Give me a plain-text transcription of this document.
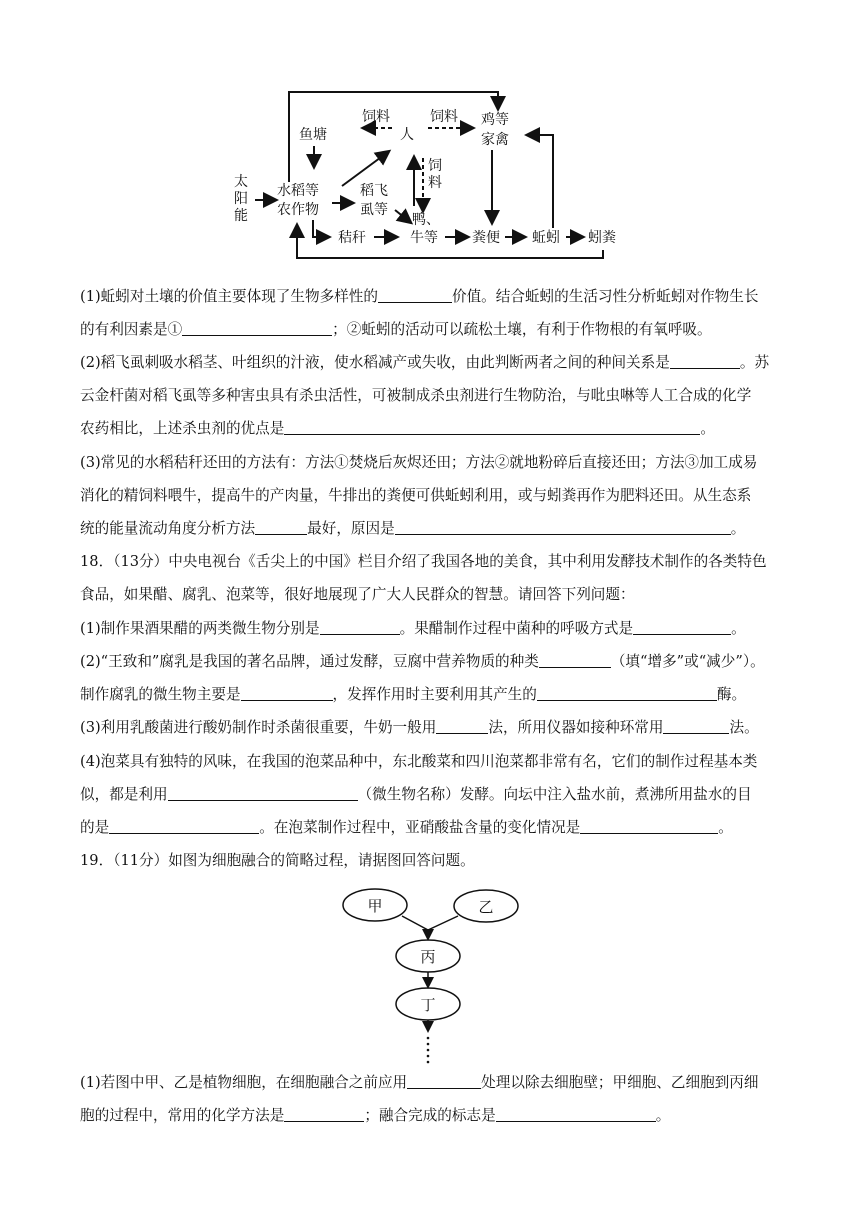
太
阳
能
鱼塘	人
饲料	饲料
饲
料
鸡等
家禽
水稻等
农作物
稻飞
虱等
鸭、
牛等
秸秆	粪便 蚯蚓 蚓粪
(1)蚯蚓对土壤的价值主要体现了生物多样性的	价值。结合蚯蚓的生活习性分析蚯蚓对作物生长
的有利因素是①	；②蚯蚓的活动可以疏松土壤，有利于作物根的有氧呼吸。
(2)稻飞虱刺吸水稻茎、叶组织的汁液，使水稻减产或失收，由此判断两者之间的种间关系是	。苏
云金杆菌对稻飞虱等多种害虫具有杀虫活性，可被制成杀虫剂进行生物防治，与吡虫啉等人工合成的化学
农药相比，上述杀虫剂的优点是	。
(3)常见的水稻秸秆还田的方法有：方法①焚烧后灰烬还田；方法②就地粉碎后直接还田；方法③加工成易
消化的精饲料喂牛，提高牛的产肉量，牛排出的粪便可供蚯蚓利用，或与蚓粪再作为肥料还田。从生态系
统的能量流动角度分析方法	最好，原因是	。
18．（13分）中央电视台《舌尖上的中国》栏目介绍了我国各地的美食，其中利用发酵技术制作的各类特色
食品，如果醋、腐乳、泡菜等，很好地展现了广大人民群众的智慧。请回答下列问题：
(1)制作果酒果醋的两类微生物分别是	。果醋制作过程中菌种的呼吸方式是	。
(2)“王致和”腐乳是我国的著名品牌，通过发酵，豆腐中营养物质的种类	（填“增多”或“减少”）。
制作腐乳的微生物主要是	，发挥作用时主要利用其产生的	酶。
(3)利用乳酸菌进行酸奶制作时杀菌很重要，牛奶一般用	法，所用仪器如接种环常用	法。
(4)泡菜具有独特的风味，在我国的泡菜品种中，东北酸菜和四川泡菜都非常有名，它们的制作过程基本类
似，都是利用	（微生物名称）发酵。向坛中注入盐水前，煮沸所用盐水的目
的是	。在泡菜制作过程中，亚硝酸盐含量的变化情况是	。
19．（11分）如图为细胞融合的简略过程，请据图回答问题。
甲	乙
丙
丁
(1)若图中甲、乙是植物细胞，在细胞融合之前应用	处理以除去细胞壁；甲细胞、乙细胞到丙细
胞的过程中，常用的化学方法是	；融合完成的标志是	。
